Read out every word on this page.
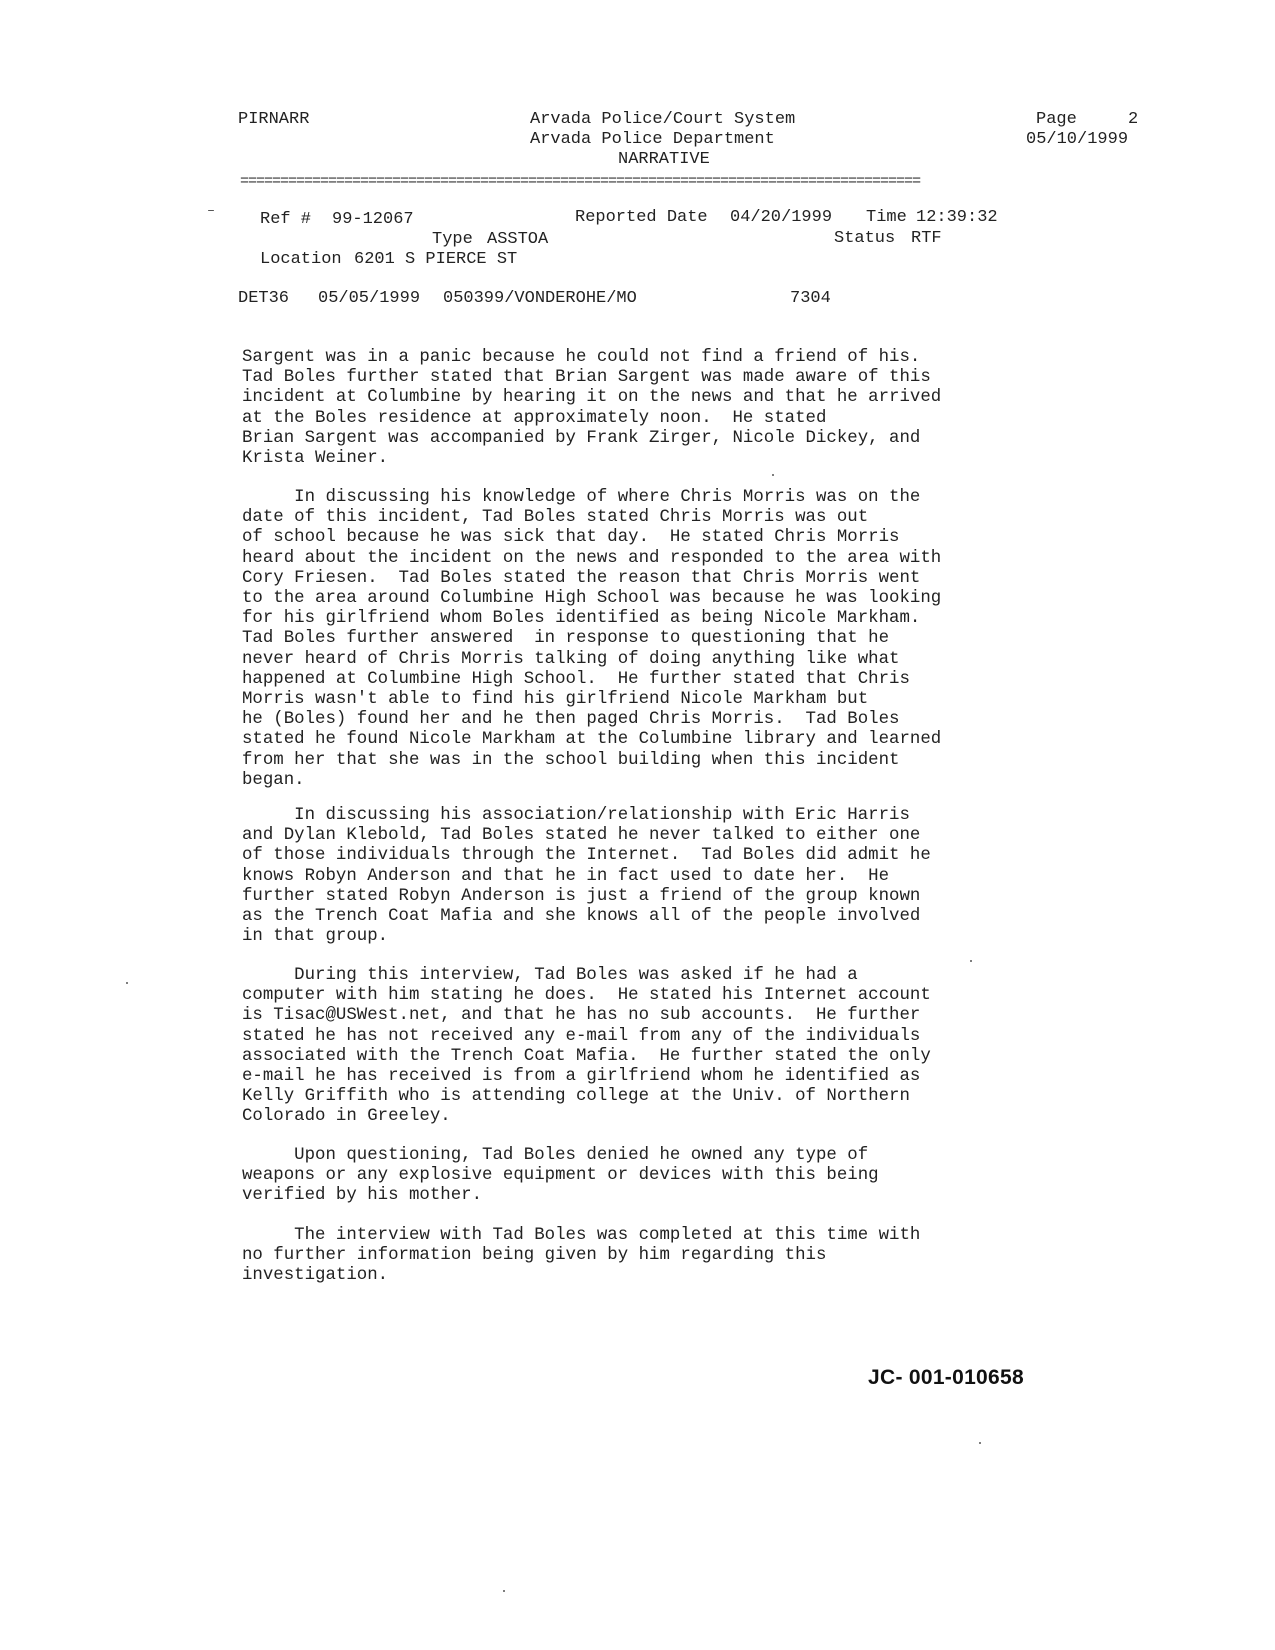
PIRNARR	Arvada Police/Court System
Arvada Police Department
NARRATIVE
Page	2
05/10/1999
=====================================================================================
Ref # 99-12067	Reported Date 04/20/1999 Time 12:39:32
Type ASSTOA	Status RTF
Location 6201 S PIERCE ST
DET36 05/05/1999 050399/VONDEROHE/MO	7304

Sargent was in a panic because he could not find a friend of his.
Tad Boles further stated that Brian Sargent was made aware of this
incident at Columbine by hearing it on the news and that he arrived
at the Boles residence at approximately noon.  He stated
Brian Sargent was accompanied by Frank Zirger, Nicole Dickey, and
Krista Weiner.

In discussing his knowledge of where Chris Morris was on the
date of this incident, Tad Boles stated Chris Morris was out
of school because he was sick that day.  He stated Chris Morris
heard about the incident on the news and responded to the area with
Cory Friesen.  Tad Boles stated the reason that Chris Morris went
to the area around Columbine High School was because he was looking
for his girlfriend whom Boles identified as being Nicole Markham.
Tad Boles further answered  in response to questioning that he
never heard of Chris Morris talking of doing anything like what
happened at Columbine High School.  He further stated that Chris
Morris wasn't able to find his girlfriend Nicole Markham but
he (Boles) found her and he then paged Chris Morris.  Tad Boles
stated he found Nicole Markham at the Columbine library and learned
from her that she was in the school building when this incident
began.

In discussing his association/relationship with Eric Harris
and Dylan Klebold, Tad Boles stated he never talked to either one
of those individuals through the Internet.  Tad Boles did admit he
knows Robyn Anderson and that he in fact used to date her.  He
further stated Robyn Anderson is just a friend of the group known
as the Trench Coat Mafia and she knows all of the people involved
in that group.

During this interview, Tad Boles was asked if he had a
computer with him stating he does.  He stated his Internet account
is Tisac@USWest.net, and that he has no sub accounts.  He further
stated he has not received any e-mail from any of the individuals
associated with the Trench Coat Mafia.  He further stated the only
e-mail he has received is from a girlfriend whom he identified as
Kelly Griffith who is attending college at the Univ. of Northern
Colorado in Greeley.

Upon questioning, Tad Boles denied he owned any type of
weapons or any explosive equipment or devices with this being
verified by his mother.

The interview with Tad Boles was completed at this time with
no further information being given by him regarding this
investigation.

JC- 001-010658
